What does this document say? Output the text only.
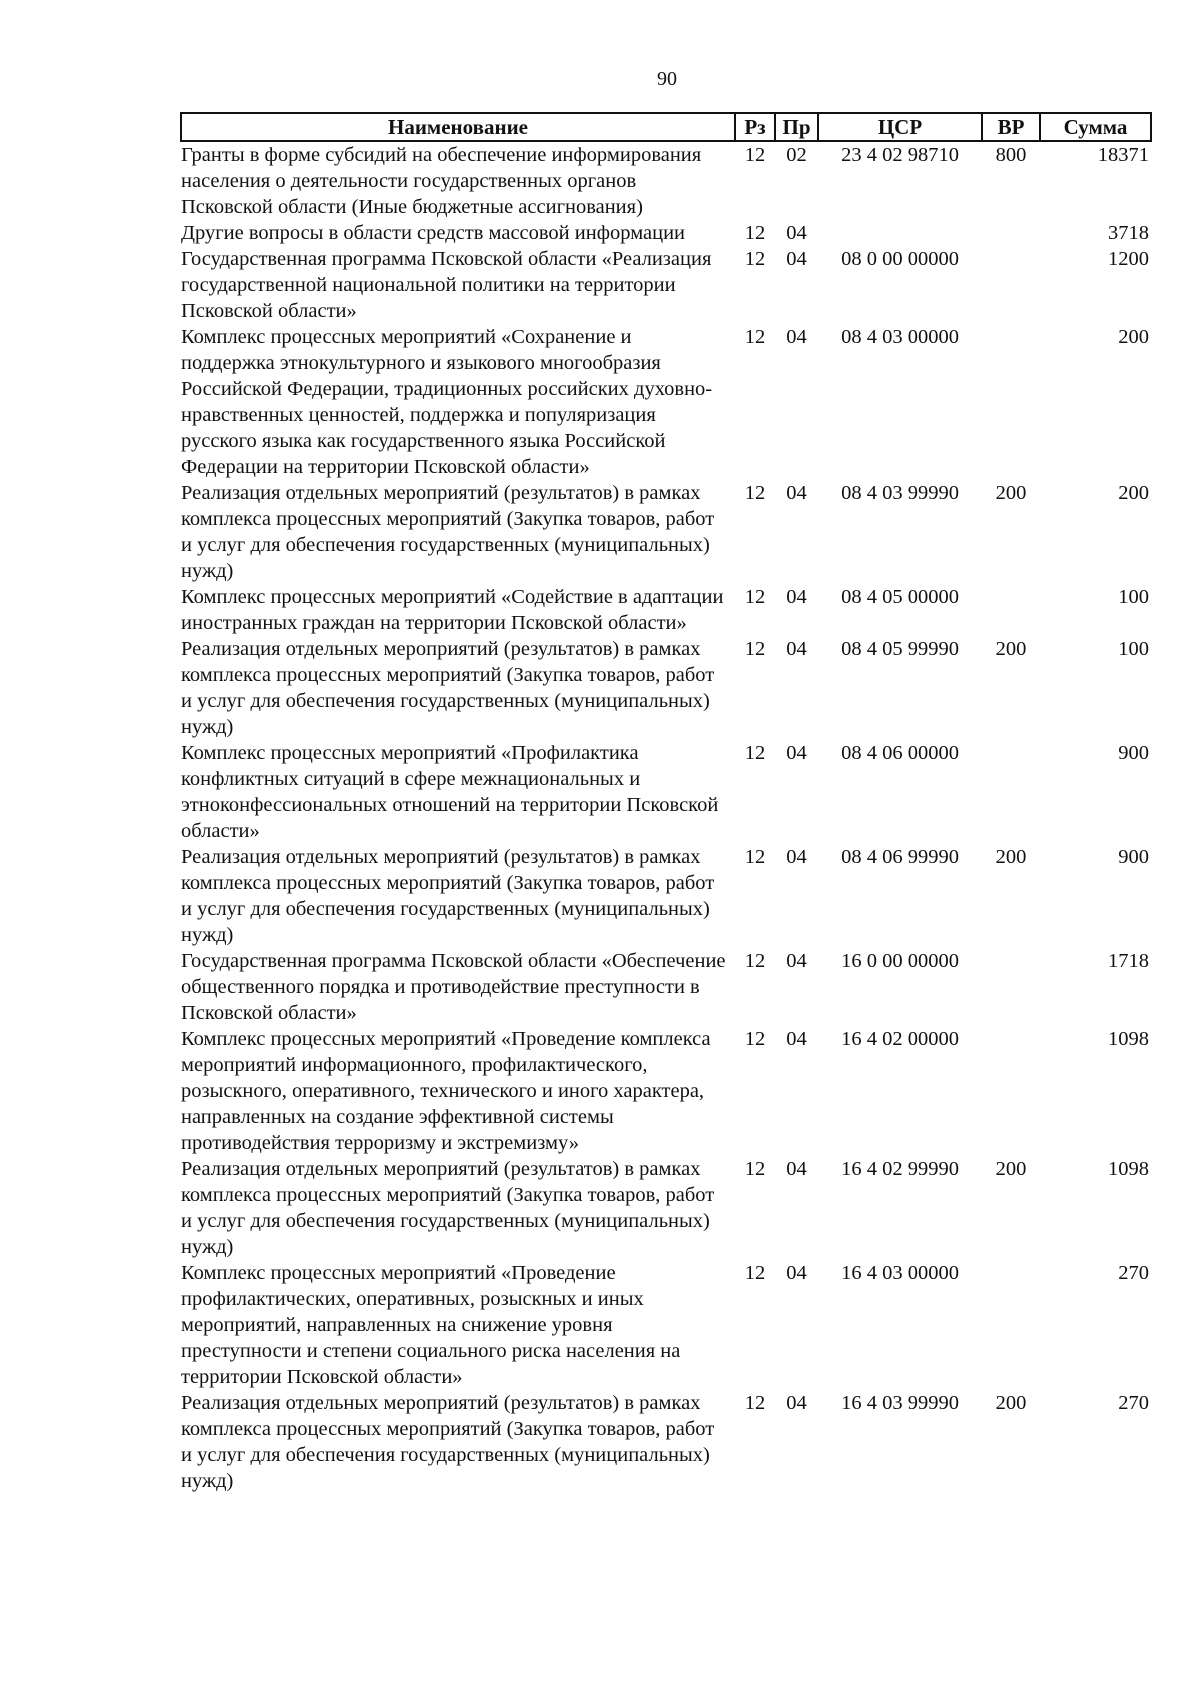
90
Наименование	Рз	Пр	ЦСР	ВР	Сумма
Гранты в форме субсидий на обеспечение информирования населения о деятельности государственных органов Псковской области (Иные бюджетные ассигнования)	12	02	23 4 02 98710	800	18371
Другие вопросы в области средств массовой информации	12	04			3718
Государственная программа Псковской области «Реализация государственной национальной политики на территории Псковской области»	12	04	08 0 00 00000		1200
Комплекс процессных мероприятий «Сохранение и поддержка этнокультурного и языкового многообразия Российской Федерации, традиционных российских духовно-нравственных ценностей, поддержка и популяризация русского языка как государственного языка Российской Федерации на территории Псковской области»	12	04	08 4 03 00000		200
Реализация отдельных мероприятий (результатов) в рамках комплекса процессных мероприятий (Закупка товаров, работ и услуг для обеспечения государственных (муниципальных) нужд)	12	04	08 4 03 99990	200	200
Комплекс процессных мероприятий «Содействие в адаптации иностранных граждан на территории Псковской области»	12	04	08 4 05 00000		100
Реализация отдельных мероприятий (результатов) в рамках комплекса процессных мероприятий (Закупка товаров, работ и услуг для обеспечения государственных (муниципальных) нужд)	12	04	08 4 05 99990	200	100
Комплекс процессных мероприятий «Профилактика конфликтных ситуаций в сфере межнациональных и этноконфессиональных отношений на территории Псковской области»	12	04	08 4 06 00000		900
Реализация отдельных мероприятий (результатов) в рамках комплекса процессных мероприятий (Закупка товаров, работ и услуг для обеспечения государственных (муниципальных) нужд)	12	04	08 4 06 99990	200	900
Государственная программа Псковской области «Обеспечение общественного порядка и противодействие преступности в Псковской области»	12	04	16 0 00 00000		1718
Комплекс процессных мероприятий «Проведение комплекса мероприятий информационного, профилактического, розыскного, оперативного, технического и иного характера, направленных на создание эффективной системы противодействия терроризму и экстремизму»	12	04	16 4 02 00000		1098
Реализация отдельных мероприятий (результатов) в рамках комплекса процессных мероприятий (Закупка товаров, работ и услуг для обеспечения государственных (муниципальных) нужд)	12	04	16 4 02 99990	200	1098
Комплекс процессных мероприятий «Проведение профилактических, оперативных, розыскных и иных мероприятий, направленных на снижение уровня преступности и степени социального риска населения на территории Псковской области»	12	04	16 4 03 00000		270
Реализация отдельных мероприятий (результатов) в рамках комплекса процессных мероприятий (Закупка товаров, работ и услуг для обеспечения государственных (муниципальных) нужд)	12	04	16 4 03 99990	200	270
